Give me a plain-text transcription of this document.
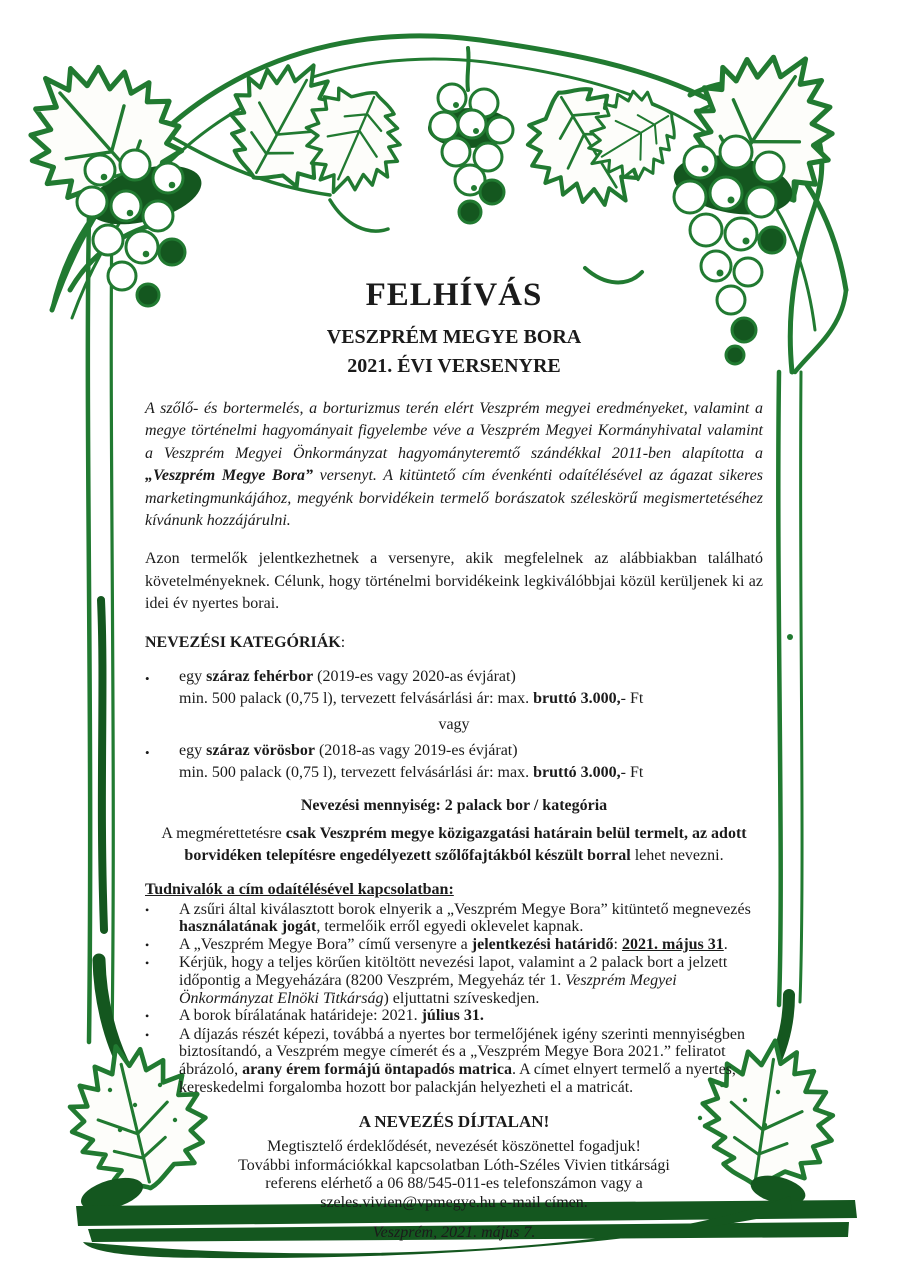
FELHÍVÁS
VESZPRÉM MEGYE BORA
2021. ÉVI VERSENYRE

A szőlő- és bortermelés, a borturizmus terén elért Veszprém megyei eredményeket, valamint a megye történelmi hagyományait figyelembe véve a Veszprém Megyei Kormányhivatal valamint a Veszprém Megyei Önkormányzat hagyományteremtő szándékkal 2011-ben alapította a „Veszprém Megye Bora” versenyt. A kitüntető cím évenkénti odaítélésével az ágazat sikeres marketingmunkájához, megyénk borvidékein termelő borászatok széleskörű megismertetéséhez kívánunk hozzájárulni.

Azon termelők jelentkezhetnek a versenyre, akik megfelelnek az alábbiakban található követelményeknek. Célunk, hogy történelmi borvidékeink legkiválóbbjai közül kerüljenek ki az idei év nyertes borai.

NEVEZÉSI KATEGÓRIÁK:
•	egy száraz fehérbor (2019-es vagy 2020-as évjárat)
min. 500 palack (0,75 l), tervezett felvásárlási ár: max. bruttó 3.000,- Ft
vagy
•	egy száraz vörösbor (2018-as vagy 2019-es évjárat)
min. 500 palack (0,75 l), tervezett felvásárlási ár: max. bruttó 3.000,- Ft
Nevezési mennyiség: 2 palack bor / kategória
A megmérettetésre csak Veszprém megye közigazgatási határain belül termelt, az adott
borvidéken telepítésre engedélyezett szőlőfajtákból készült borral lehet nevezni.
Tudnivalók a cím odaítélésével kapcsolatban:
•	A zsűri által kiválasztott borok elnyerik a „Veszprém Megye Bora” kitüntető megnevezés használatának jogát, termelőik erről egyedi oklevelet kapnak.
•	A „Veszprém Megye Bora” című versenyre a jelentkezési határidő: 2021. május 31.
•	Kérjük, hogy a teljes körűen kitöltött nevezési lapot, valamint a 2 palack bort a jelzett időpontig a Megyeházára (8200 Veszprém, Megyeház tér 1. Veszprém Megyei Önkormányzat Elnöki Titkárság) eljuttatni szíveskedjen.
•	A borok bírálatának határideje: 2021. július 31.
•	A díjazás részét képezi, továbbá a nyertes bor termelőjének igény szerinti mennyiségben biztosítandó, a Veszprém megye címerét és a „Veszprém Megye Bora 2021.” feliratot ábrázoló, arany érem formájú öntapadós matrica. A címet elnyert termelő a nyertes, kereskedelmi forgalomba hozott bor palackján helyezheti el a matricát.
A NEVEZÉS DÍJTALAN!
Megtisztelő érdeklődését, nevezését köszönettel fogadjuk!
További információkkal kapcsolatban Lóth-Széles Vivien titkársági
referens elérhető a 06 88/545-011-es telefonszámon vagy a
szeles.vivien@vpmegye.hu e-mail címen.
Veszprém, 2021. május 7.
